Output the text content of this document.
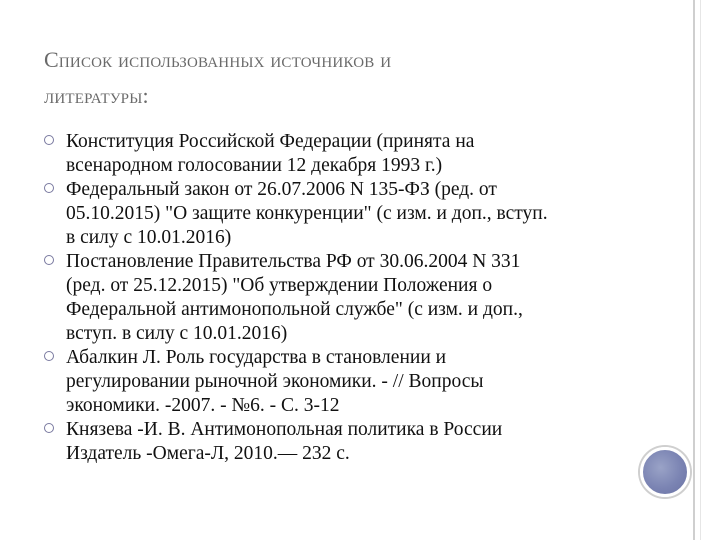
Список использованных источников и
литературы:
Конституция Российской Федерации (принята на
всенародном голосовании 12 декабря 1993 г.)
Федеральный закон от 26.07.2006 N 135-ФЗ (ред. от
05.10.2015) "О защите конкуренции" (с изм. и доп., вступ.
в силу с 10.01.2016)
Постановление Правительства РФ от 30.06.2004 N 331
(ред. от 25.12.2015) "Об утверждении Положения о
Федеральной антимонопольной службе" (с изм. и доп.,
вступ. в силу с 10.01.2016)
Абалкин Л. Роль государства в становлении и
регулировании рыночной экономики. - // Вопросы
экономики. -2007. - №6. - С. 3-12
Князева -И. В. Антимонопольная политика в России
Издатель -Омега-Л, 2010.— 232 с.
